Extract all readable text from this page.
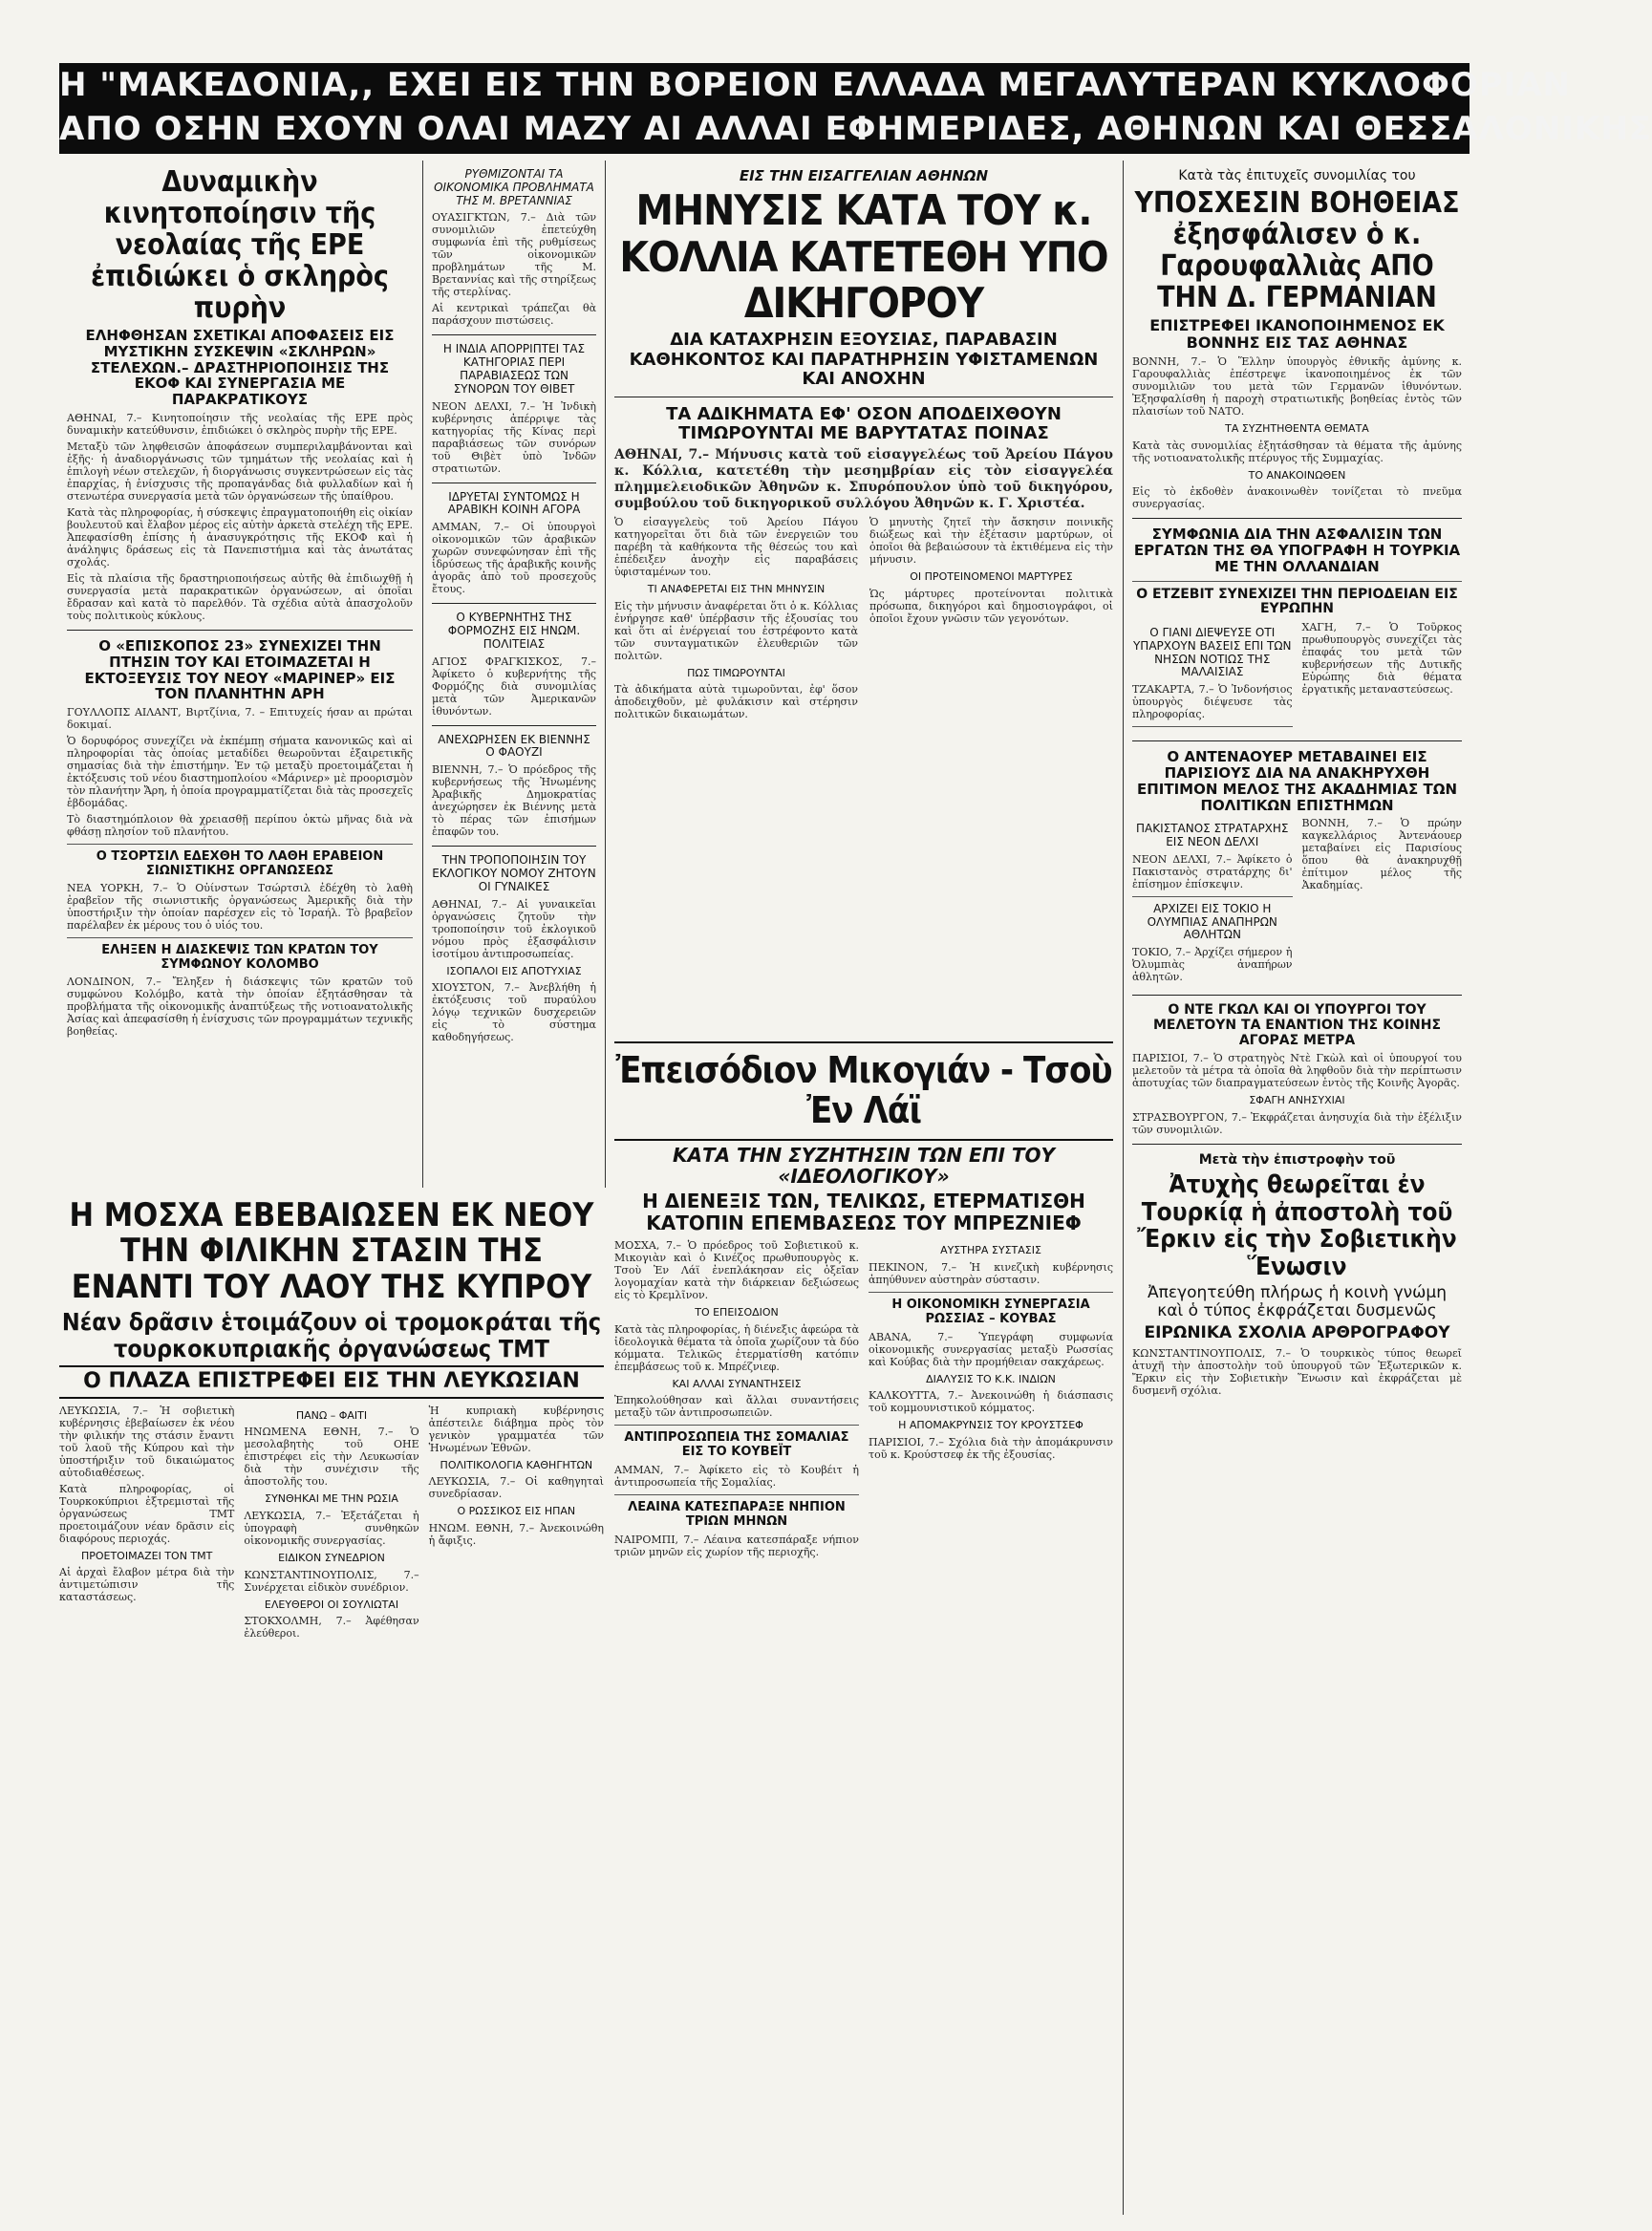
Η "ΜΑΚΕΔΟΝΙΑ,, ΕΧΕΙ ΕΙΣ ΤΗΝ ΒΟΡΕΙΟΝ ΕΛΛΑΔΑ ΜΕΓΑΛΥΤΕΡΑΝ ΚΥΚΛΟΦΟΡΙΑΝ
ΑΠΟ ΟΣΗΝ ΕΧΟΥΝ ΟΛΑΙ ΜΑΖΥ ΑΙ ΑΛΛΑΙ ΕΦΗΜΕΡΙΔΕΣ, ΑΘΗΝΩΝ ΚΑΙ ΘΕΣΣΑΛΟΝΙΚΗΣ
Δυναμικὴν κινητοποίησιν τῆς νεολαίας τῆς ΕΡΕ ἐπιδιώκει ὁ σκληρὸς πυρὴν
ΕΛΗΦΘΗΣΑΝ ΣΧΕΤΙΚΑΙ ΑΠΟΦΑΣΕΙΣ ΕΙΣ ΜΥΣΤΙΚΗΝ ΣΥΣΚΕΨΙΝ «ΣΚΛΗΡΩΝ» ΣΤΕΛΕΧΩΝ.– ΔΡΑΣΤΗΡΙΟΠΟΙΗΣΙΣ ΤΗΣ ΕΚΟΦ ΚΑΙ ΣΥΝΕΡΓΑΣΙΑ ΜΕ ΠΑΡΑΚΡΑΤΙΚΟΥΣ

ΑΘΗΝΑΙ, 7.– Κινητοποίησιν τῆς νεολαίας τῆς ΕΡΕ πρὸς δυναμικὴν κατεύθυνσιν, ἐπιδιώκει ὁ σκληρὸς πυρὴν τῆς ΕΡΕ.

Μεταξὺ τῶν ληφθεισῶν ἀποφάσεων συμπεριλαμβάνονται καὶ ἑξῆς· ἡ ἀναδιοργάνωσις τῶν τμημάτων τῆς νεολαίας καὶ ἡ ἐπιλογὴ νέων στελεχῶν, ἡ διοργάνωσις συγκεντρώσεων εἰς τὰς ἐπαρχίας, ἡ ἐνίσχυσις τῆς προπαγάνδας διὰ φυλλαδίων καὶ ἡ στενωτέρα συνεργασία μετὰ τῶν ὀργανώσεων τῆς ὑπαίθρου.

Κατὰ τὰς πληροφορίας, ἡ σύσκεψις ἐπραγματοποιήθη εἰς οἰκίαν βουλευτοῦ καὶ ἔλαβον μέρος εἰς αὐτὴν ἀρκετὰ στελέχη τῆς ΕΡΕ. Ἀπεφασίσθη ἐπίσης ἡ ἀνασυγκρότησις τῆς ΕΚΟΦ καὶ ἡ ἀνάληψις δράσεως εἰς τὰ Πανεπιστήμια καὶ τὰς ἀνωτάτας σχολάς.

Εἰς τὰ πλαίσια τῆς δραστηριοποιήσεως αὐτῆς θὰ ἐπιδιωχθῇ ἡ συνεργασία μετὰ παρακρατικῶν ὀργανώσεων, αἱ ὁποῖαι ἔδρασαν καὶ κατὰ τὸ παρελθόν. Τὰ σχέδια αὐτὰ ἀπασχολοῦν τοὺς πολιτικοὺς κύκλους.

Ο «ΕΠΙΣΚΟΠΟΣ 23» ΣΥΝΕΧΙΖΕΙ ΤΗΝ ΠΤΗΣΙΝ ΤΟΥ ΚΑΙ ΕΤΟΙΜΑΖΕΤΑΙ Η ΕΚΤΟΞΕΥΣΙΣ ΤΟΥ ΝΕΟΥ «ΜΑΡΙΝΕΡ» ΕΙΣ ΤΟΝ ΠΛΑΝΗΤΗΝ ΑΡΗ

ΓΟΥΛΛΟΠΣ ΑΙΛΑΝΤ, Βιρτζίνια, 7. – Επιτυχείς ήσαν αι πρώται δοκιμαί.

Ὁ δορυφόρος συνεχίζει νὰ ἐκπέμπῃ σήματα κανονικῶς καὶ αἱ πληροφορίαι τὰς ὁποίας μεταδίδει θεωροῦνται ἐξαιρετικῆς σημασίας διὰ τὴν ἐπιστήμην. Ἐν τῷ μεταξὺ προετοιμάζεται ἡ ἐκτόξευσις τοῦ νέου διαστημοπλοίου «Μάρινερ» μὲ προορισμὸν τὸν πλανήτην Ἄρη, ἡ ὁποία προγραμματίζεται διὰ τὰς προσεχεῖς ἑβδομάδας.

Τὸ διαστημόπλοιον θὰ χρειασθῇ περίπου ὀκτὼ μῆνας διὰ νὰ φθάσῃ πλησίον τοῦ πλανήτου.

Ο ΤΣΟΡΤΣΙΛ ΕΔΕΧΘΗ ΤΟ ΛΑΘΗ ΕΡΑΒΕΙΟΝ ΣΙΩΝΙΣΤΙΚΗΣ ΟΡΓΑΝΩΣΕΩΣ

ΝΕΑ ΥΟΡΚΗ, 7.– Ὁ Οὐίνστων Τσώρτσιλ ἐδέχθη τὸ λαθὴ ἐραβεῖον τῆς σιωνιστικῆς ὀργανώσεως Ἀμερικῆς διὰ τὴν ὑποστήριξιν τὴν ὁποίαν παρέσχεν εἰς τὸ Ἰσραήλ. Τὸ βραβεῖον παρέλαβεν ἐκ μέρους του ὁ υἱός του.

ΕΛΗΞΕΝ Η ΔΙΑΣΚΕΨΙΣ ΤΩΝ ΚΡΑΤΩΝ ΤΟΥ ΣΥΜΦΩΝΟΥ ΚΟΛΟΜΒΟ

ΛΟΝΔΙΝΟΝ, 7.– Ἔληξεν ἡ διάσκεψις τῶν κρατῶν τοῦ συμφώνου Κολόμβο, κατὰ τὴν ὁποίαν ἐξητάσθησαν τὰ προβλήματα τῆς οἰκονομικῆς ἀναπτύξεως τῆς νοτιοανατολικῆς Ἀσίας καὶ ἀπεφασίσθη ἡ ἐνίσχυσις τῶν προγραμμάτων τεχνικῆς βοηθείας.

ΡΥΘΜΙΖΟΝΤΑΙ ΤΑ ΟΙΚΟΝΟΜΙΚΑ ΠΡΟΒΛΗΜΑΤΑ ΤΗΣ Μ. ΒΡΕΤΑΝΝΙΑΣ

ΟΥΑΣΙΓΚΤΩΝ, 7.– Διὰ τῶν συνομιλιῶν ἐπετεύχθη συμφωνία ἐπὶ τῆς ρυθμίσεως τῶν οἰκονομικῶν προβλημάτων τῆς Μ. Βρεταννίας καὶ τῆς στηρίξεως τῆς στερλίνας.

Αἱ κεντρικαὶ τράπεζαι θὰ παράσχουν πιστώσεις.

Η ΙΝΔΙΑ ΑΠΟΡΡΙΠΤΕΙ ΤΑΣ ΚΑΤΗΓΟΡΙΑΣ ΠΕΡΙ ΠΑΡΑΒΙΑΣΕΩΣ ΤΩΝ ΣΥΝΟΡΩΝ ΤΟΥ ΘΙΒΕΤ

ΝΕΟΝ ΔΕΛΧΙ, 7.– Ἡ Ἰνδικὴ κυβέρνησις ἀπέρριψε τὰς κατηγορίας τῆς Κίνας περὶ παραβιάσεως τῶν συνόρων τοῦ Θιβὲτ ὑπὸ Ἰνδῶν στρατιωτῶν.

ΙΔΡΥΕΤΑΙ ΣΥΝΤΟΜΩΣ Η ΑΡΑΒΙΚΗ ΚΟΙΝΗ ΑΓΟΡΑ

ΑΜΜΑΝ, 7.– Οἱ ὑπουργοὶ οἰκονομικῶν τῶν ἀραβικῶν χωρῶν συνεφώνησαν ἐπὶ τῆς ἱδρύσεως τῆς ἀραβικῆς κοινῆς ἀγορᾶς ἀπὸ τοῦ προσεχοῦς ἔτους.

Ο ΚΥΒΕΡΝΗΤΗΣ ΤΗΣ ΦΟΡΜΟΖΗΣ ΕΙΣ ΗΝΩΜ. ΠΟΛΙΤΕΙΑΣ

ΑΓΙΟΣ ΦΡΑΓΚΙΣΚΟΣ, 7.– Ἀφίκετο ὁ κυβερνήτης τῆς Φορμόζης διὰ συνομιλίας μετὰ τῶν Ἀμερικανῶν ἰθυνόντων.

ΑΝΕΧΩΡΗΣΕΝ ΕΚ ΒΙΕΝΝΗΣ Ο ΦΑΟΥΖΙ

ΒΙΕΝΝΗ, 7.– Ὁ πρόεδρος τῆς κυβερνήσεως τῆς Ἠνωμένης Ἀραβικῆς Δημοκρατίας ἀνεχώρησεν ἐκ Βιέννης μετὰ τὸ πέρας τῶν ἐπισήμων ἐπαφῶν του.

ΤΗΝ ΤΡΟΠΟΠΟΙΗΣΙΝ ΤΟΥ ΕΚΛΟΓΙΚΟΥ ΝΟΜΟΥ ΖΗΤΟΥΝ ΟΙ ΓΥΝΑΙΚΕΣ

ΑΘΗΝΑΙ, 7.– Αἱ γυναικεῖαι ὀργανώσεις ζητοῦν τὴν τροποποίησιν τοῦ ἐκλογικοῦ νόμου πρὸς ἐξασφάλισιν ἰσοτίμου ἀντιπροσωπείας.

ΙΣΟΠΑΛΟΙ ΕΙΣ ΑΠΟΤΥΧΙΑΣ

ΧΙΟΥΣΤΟΝ, 7.– Ἀνεβλήθη ἡ ἐκτόξευσις τοῦ πυραύλου λόγῳ τεχνικῶν δυσχερειῶν εἰς τὸ σύστημα καθοδηγήσεως.

ΕΙΣ ΤΗΝ ΕΙΣΑΓΓΕΛΙΑΝ ΑΘΗΝΩΝ
ΜΗΝΥΣΙΣ ΚΑΤΑ ΤΟΥ κ. ΚΟΛΛΙΑ ΚΑΤΕΤΕΘΗ ΥΠΟ ΔΙΚΗΓΟΡΟΥ
ΔΙΑ ΚΑΤΑΧΡΗΣΙΝ ΕΞΟΥΣΙΑΣ, ΠΑΡΑΒΑΣΙΝ ΚΑΘΗΚΟΝΤΟΣ ΚΑΙ ΠΑΡΑΤΗΡΗΣΙΝ ΥΦΙΣΤΑΜΕΝΩΝ ΚΑΙ ΑΝΟΧΗΝ
ΤΑ ΑΔΙΚΗΜΑΤΑ ΕΦ' ΟΣΟΝ ΑΠΟΔΕΙΧΘΟΥΝ ΤΙΜΩΡΟΥΝΤΑΙ ΜΕ ΒΑΡΥΤΑΤΑΣ ΠΟΙΝΑΣ

ΑΘΗΝΑΙ, 7.– Μήνυσις κατὰ τοῦ εἰσαγγελέως τοῦ Ἀρείου Πάγου κ. Κόλλια, κατετέθη τὴν μεσημβρίαν εἰς τὸν εἰσαγγελέα πλημμελειοδικῶν Ἀθηνῶν κ. Σπυρόπουλον ὑπὸ τοῦ δικηγόρου, συμβούλου τοῦ δικηγορικοῦ συλλόγου Ἀθηνῶν κ. Γ. Χριστέα.

Ὁ εἰσαγγελεὺς τοῦ Ἀρείου Πάγου κατηγορεῖται ὅτι διὰ τῶν ἐνεργειῶν του παρέβη τὰ καθήκοντα τῆς θέσεώς του καὶ ἐπέδειξεν ἀνοχὴν εἰς παραβάσεις ὑφισταμένων του.

ΤΙ ΑΝΑΦΕΡΕΤΑΙ ΕΙΣ ΤΗΝ ΜΗΝΥΣΙΝ

Εἰς τὴν μήνυσιν ἀναφέρεται ὅτι ὁ κ. Κόλλιας ἐνήργησε καθ' ὑπέρβασιν τῆς ἐξουσίας του καὶ ὅτι αἱ ἐνέργειαί του ἐστρέφοντο κατὰ τῶν συνταγματικῶν ἐλευθεριῶν τῶν πολιτῶν.

ΠΩΣ ΤΙΜΩΡΟΥΝΤΑΙ

Τὰ ἀδικήματα αὐτὰ τιμωροῦνται, ἐφ' ὅσον ἀποδειχθοῦν, μὲ φυλάκισιν καὶ στέρησιν πολιτικῶν δικαιωμάτων.

Ὁ μηνυτὴς ζητεῖ τὴν ἄσκησιν ποινικῆς διώξεως καὶ τὴν ἐξέτασιν μαρτύρων, οἱ ὁποῖοι θὰ βεβαιώσουν τὰ ἐκτιθέμενα εἰς τὴν μήνυσιν.

ΟΙ ΠΡΟΤΕΙΝΟΜΕΝΟΙ ΜΑΡΤΥΡΕΣ

Ὡς μάρτυρες προτείνονται πολιτικὰ πρόσωπα, δικηγόροι καὶ δημοσιογράφοι, οἱ ὁποῖοι ἔχουν γνῶσιν τῶν γεγονότων.

Κατὰ τὰς ἐπιτυχεῖς συνομιλίας του
ΥΠΟΣΧΕΣΙΝ ΒΟΗΘΕΙΑΣ ἐξησφάλισεν ὁ κ. Γαρουφαλλιὰς ΑΠΟ ΤΗΝ Δ. ΓΕΡΜΑΝΙΑΝ
ΕΠΙΣΤΡΕΦΕΙ ΙΚΑΝΟΠΟΙΗΜΕΝΟΣ ΕΚ ΒΟΝΝΗΣ ΕΙΣ ΤΑΣ ΑΘΗΝΑΣ

ΒΟΝΝΗ, 7.– Ὁ Ἕλλην ὑπουργὸς ἐθνικῆς ἀμύνης κ. Γαρουφαλλιὰς ἐπέστρεψε ἱκανοποιημένος ἐκ τῶν συνομιλιῶν του μετὰ τῶν Γερμανῶν ἰθυνόντων. Ἐξησφαλίσθη ἡ παροχὴ στρατιωτικῆς βοηθείας ἐντὸς τῶν πλαισίων τοῦ ΝΑΤΟ.

ΤΑ ΣΥΖΗΤΗΘΕΝΤΑ ΘΕΜΑΤΑ

Κατὰ τὰς συνομιλίας ἐξητάσθησαν τὰ θέματα τῆς ἀμύνης τῆς νοτιοανατολικῆς πτέρυγος τῆς Συμμαχίας.

ΤΟ ΑΝΑΚΟΙΝΩΘΕΝ

Εἰς τὸ ἐκδοθὲν ἀνακοινωθὲν τονίζεται τὸ πνεῦμα συνεργασίας.

ΣΥΜΦΩΝΙΑ ΔΙΑ ΤΗΝ ΑΣΦΑΛΙΣΙΝ ΤΩΝ ΕΡΓΑΤΩΝ ΤΗΣ ΘΑ ΥΠΟΓΡΑΦΗ Η ΤΟΥΡΚΙΑ ΜΕ ΤΗΝ ΟΛΛΑΝΔΙΑΝ
Ο ΕΤΖΕΒΙΤ ΣΥΝΕΧΙΖΕΙ ΤΗΝ ΠΕΡΙΟΔΕΙΑΝ ΕΙΣ ΕΥΡΩΠΗΝ
Ο ΓΙΑΝΙ ΔΙΕΨΕΥΣΕ ΟΤΙ ΥΠΑΡΧΟΥΝ ΒΑΣΕΙΣ ΕΠΙ ΤΩΝ ΝΗΣΩΝ ΝΟΤΙΩΣ ΤΗΣ ΜΑΛΑΙΣΙΑΣ

ΤΖΑΚΑΡΤΑ, 7.– Ὁ Ἰνδονήσιος ὑπουργὸς διέψευσε τὰς πληροφορίας.

ΧΑΓΗ, 7.– Ὁ Τοῦρκος πρωθυπουργὸς συνεχίζει τὰς ἐπαφάς του μετὰ τῶν κυβερνήσεων τῆς Δυτικῆς Εὐρώπης διὰ θέματα ἐργατικῆς μεταναστεύσεως.

Ο ΑΝΤΕΝΑΟΥΕΡ ΜΕΤΑΒΑΙΝΕΙ ΕΙΣ ΠΑΡΙΣΙΟΥΣ ΔΙΑ ΝΑ ΑΝΑΚΗΡΥΧΘΗ ΕΠΙΤΙΜΟΝ ΜΕΛΟΣ ΤΗΣ ΑΚΑΔΗΜΙΑΣ ΤΩΝ ΠΟΛΙΤΙΚΩΝ ΕΠΙΣΤΗΜΩΝ
ΠΑΚΙΣΤΑΝΟΣ ΣΤΡΑΤΑΡΧΗΣ ΕΙΣ ΝΕΟΝ ΔΕΛΧΙ

ΝΕΟΝ ΔΕΛΧΙ, 7.– Ἀφίκετο ὁ Πακιστανὸς στρατάρχης δι' ἐπίσημον ἐπίσκεψιν.

ΑΡΧΙΖΕΙ ΕΙΣ ΤΟΚΙΟ Η ΟΛΥΜΠΙΑΣ ΑΝΑΠΗΡΩΝ ΑΘΛΗΤΩΝ

ΤΟΚΙΟ, 7.– Ἀρχίζει σήμερον ἡ Ὀλυμπιὰς ἀναπήρων ἀθλητῶν.

ΒΟΝΝΗ, 7.– Ὁ πρώην καγκελλάριος Ἀντενάουερ μεταβαίνει εἰς Παρισίους ὅπου θὰ ἀνακηρυχθῇ ἐπίτιμον μέλος τῆς Ἀκαδημίας.

Ο ΝΤΕ ΓΚΩΛ ΚΑΙ ΟΙ ΥΠΟΥΡΓΟΙ ΤΟΥ ΜΕΛΕΤΟΥΝ ΤΑ ΕΝΑΝΤΙΟΝ ΤΗΣ ΚΟΙΝΗΣ ΑΓΟΡΑΣ ΜΕΤΡΑ

ΠΑΡΙΣΙΟΙ, 7.– Ὁ στρατηγὸς Ντὲ Γκὼλ καὶ οἱ ὑπουργοί του μελετοῦν τὰ μέτρα τὰ ὁποῖα θὰ ληφθοῦν διὰ τὴν περίπτωσιν ἀποτυχίας τῶν διαπραγματεύσεων ἐντὸς τῆς Κοινῆς Ἀγορᾶς.

ΣΦΑΓΗ ΑΝΗΣΥΧΙΑΙ

ΣΤΡΑΣΒΟΥΡΓΟΝ, 7.– Ἐκφράζεται ἀνησυχία διὰ τὴν ἐξέλιξιν τῶν συνομιλιῶν.

Μετὰ τὴν ἐπιστροφὴν τοῦ
Ἀτυχὴς θεωρεῖται ἐν Τουρκίᾳ ἡ ἀποστολὴ τοῦ Ἔρκιν εἰς τὴν Σοβιετικὴν Ἕνωσιν
Ἀπεγοητεύθη πλήρως ἡ κοινὴ γνώμη καὶ ὁ τύπος ἐκφράζεται δυσμενῶς
ΕΙΡΩΝΙΚΑ ΣΧΟΛΙΑ ΑΡΘΡΟΓΡΑΦΟΥ

ΚΩΝΣΤΑΝΤΙΝΟΥΠΟΛΙΣ, 7.– Ὁ τουρκικὸς τύπος θεωρεῖ ἀτυχῆ τὴν ἀποστολὴν τοῦ ὑπουργοῦ τῶν Ἐξωτερικῶν κ. Ἔρκιν εἰς τὴν Σοβιετικὴν Ἕνωσιν καὶ ἐκφράζεται μὲ δυσμενῆ σχόλια.

Η ΜΟΣΧΑ ΕΒΕΒΑΙΩΣΕΝ ΕΚ ΝΕΟΥ ΤΗΝ ΦΙΛΙΚΗΝ ΣΤΑΣΙΝ ΤΗΣ ΕΝΑΝΤΙ ΤΟΥ ΛΑΟΥ ΤΗΣ ΚΥΠΡΟΥ
Νέαν δρᾶσιν ἑτοιμάζουν οἱ τρομοκράται τῆς τουρκοκυπριακῆς ὀργανώσεως ΤΜΤ
Ο ΠΛΑΖΑ ΕΠΙΣΤΡΕΦΕΙ ΕΙΣ ΤΗΝ ΛΕΥΚΩΣΙΑΝ

ΛΕΥΚΩΣΙΑ, 7.– Ἡ σοβιετικὴ κυβέρνησις ἐβεβαίωσεν ἐκ νέου τὴν φιλικήν της στάσιν ἔναντι τοῦ λαοῦ τῆς Κύπρου καὶ τὴν ὑποστήριξιν τοῦ δικαιώματος αὐτοδιαθέσεως.

Κατὰ πληροφορίας, οἱ Τουρκοκύπριοι ἐξτρεμισταὶ τῆς ὀργανώσεως ΤΜΤ προετοιμάζουν νέαν δρᾶσιν εἰς διαφόρους περιοχάς.

ΠΡΟΕΤΟΙΜΑΖΕΙ ΤΟΝ ΤΜΤ

Αἱ ἀρχαὶ ἔλαβον μέτρα διὰ τὴν ἀντιμετώπισιν τῆς καταστάσεως.

ΠΑΝΩ – ΦΑΙΤΙ

ΗΝΩΜΕΝΑ ΕΘΝΗ, 7.– Ὁ μεσολαβητὴς τοῦ ΟΗΕ ἐπιστρέφει εἰς τὴν Λευκωσίαν διὰ τὴν συνέχισιν τῆς ἀποστολῆς του.

ΣΥΝΘΗΚΑΙ ΜΕ ΤΗΝ ΡΩΣΙΑ

ΛΕΥΚΩΣΙΑ, 7.– Ἐξετάζεται ἡ ὑπογραφὴ συνθηκῶν οἰκονομικῆς συνεργασίας.

ΕΙΔΙΚΟΝ ΣΥΝΕΔΡΙΟΝ

ΚΩΝΣΤΑΝΤΙΝΟΥΠΟΛΙΣ, 7.– Συνέρχεται εἰδικὸν συνέδριον.

ΕΛΕΥΘΕΡΟΙ ΟΙ ΣΟΥΛΙΩΤΑΙ

ΣΤΟΚΧΟΛΜΗ, 7.– Ἀφέθησαν ἐλεύθεροι.

Ἡ κυπριακὴ κυβέρνησις ἀπέστειλε διάβημα πρὸς τὸν γενικὸν γραμματέα τῶν Ἡνωμένων Ἐθνῶν.

ΠΟΛΙΤΙΚΟΛΟΓΙΑ ΚΑΘΗΓΗΤΩΝ

ΛΕΥΚΩΣΙΑ, 7.– Οἱ καθηγηταὶ συνεδρίασαν.

Ο ΡΩΣΣΙΚΟΣ ΕΙΣ ΗΠΑΝ

ΗΝΩΜ. ΕΘΝΗ, 7.– Ἀνεκοινώθη ἡ ἄφιξις.

Ἐπεισόδιον Μικογιάν - Τσοὺ Ἐν Λάϊ
ΚΑΤΑ ΤΗΝ ΣΥΖΗΤΗΣΙΝ ΤΩΝ ΕΠΙ ΤΟΥ «ΙΔΕΟΛΟΓΙΚΟΥ»
Η ΔΙΕΝΕΞΙΣ ΤΩΝ, ΤΕΛΙΚΩΣ, ΕΤΕΡΜΑΤΙΣΘΗ ΚΑΤΟΠΙΝ ΕΠΕΜΒΑΣΕΩΣ ΤΟΥ ΜΠΡΕΖΝΙΕΦ

ΜΟΣΧΑ, 7.– Ὁ πρόεδρος τοῦ Σοβιετικοῦ κ. Μικογιὰν καὶ ὁ Κινέζος πρωθυπουργὸς κ. Τσοὺ Ἐν Λάϊ ἐνεπλάκησαν εἰς ὀξεῖαν λογομαχίαν κατὰ τὴν διάρκειαν δεξιώσεως εἰς τὸ Κρεμλῖνον.

ΤΟ ΕΠΕΙΣΟΔΙΟΝ

Κατὰ τὰς πληροφορίας, ἡ διένεξις ἀφεώρα τὰ ἰδεολογικὰ θέματα τὰ ὁποῖα χωρίζουν τὰ δύο κόμματα. Τελικῶς ἐτερματίσθη κατόπιν ἐπεμβάσεως τοῦ κ. Μπρέζνιεφ.

ΚΑΙ ΑΛΛΑΙ ΣΥΝΑΝΤΗΣΕΙΣ

Ἐπηκολούθησαν καὶ ἄλλαι συναντήσεις μεταξὺ τῶν ἀντιπροσωπειῶν.

ΑΝΤΙΠΡΟΣΩΠΕΙΑ ΤΗΣ ΣΟΜΑΛΙΑΣ ΕΙΣ ΤΟ ΚΟΥΒΕΪΤ

ΑΜΜΑΝ, 7.– Ἀφίκετο εἰς τὸ Κουβέιτ ἡ ἀντιπροσωπεία τῆς Σομαλίας.

ΛΕΑΙΝΑ ΚΑΤΕΣΠΑΡΑΞΕ ΝΗΠΙΟΝ ΤΡΙΩΝ ΜΗΝΩΝ

ΝΑΙΡΟΜΠΙ, 7.– Λέαινα κατεσπάραξε νήπιον τριῶν μηνῶν εἰς χωρίον τῆς περιοχῆς.

ΑΥΣΤΗΡΑ ΣΥΣΤΑΣΙΣ

ΠΕΚΙΝΟΝ, 7.– Ἡ κινεζικὴ κυβέρνησις ἀπηύθυνεν αὐστηρὰν σύστασιν.

Η ΟΙΚΟΝΟΜΙΚΗ ΣΥΝΕΡΓΑΣΙΑ ΡΩΣΣΙΑΣ – ΚΟΥΒΑΣ

ΑΒΑΝΑ, 7.– Ὑπεγράφη συμφωνία οἰκονομικῆς συνεργασίας μεταξὺ Ρωσσίας καὶ Κούβας διὰ τὴν προμήθειαν σακχάρεως.

ΔΙΑΛΥΣΙΣ ΤΟ Κ.Κ. ΙΝΔΙΩΝ

ΚΑΛΚΟΥΤΤΑ, 7.– Ἀνεκοινώθη ἡ διάσπασις τοῦ κομμουνιστικοῦ κόμματος.

Η ΑΠΟΜΑΚΡΥΝΣΙΣ ΤΟΥ ΚΡΟΥΣΤΣΕΦ

ΠΑΡΙΣΙΟΙ, 7.– Σχόλια διὰ τὴν ἀπομάκρυνσιν τοῦ κ. Κρούστσεφ ἐκ τῆς ἐξουσίας.
